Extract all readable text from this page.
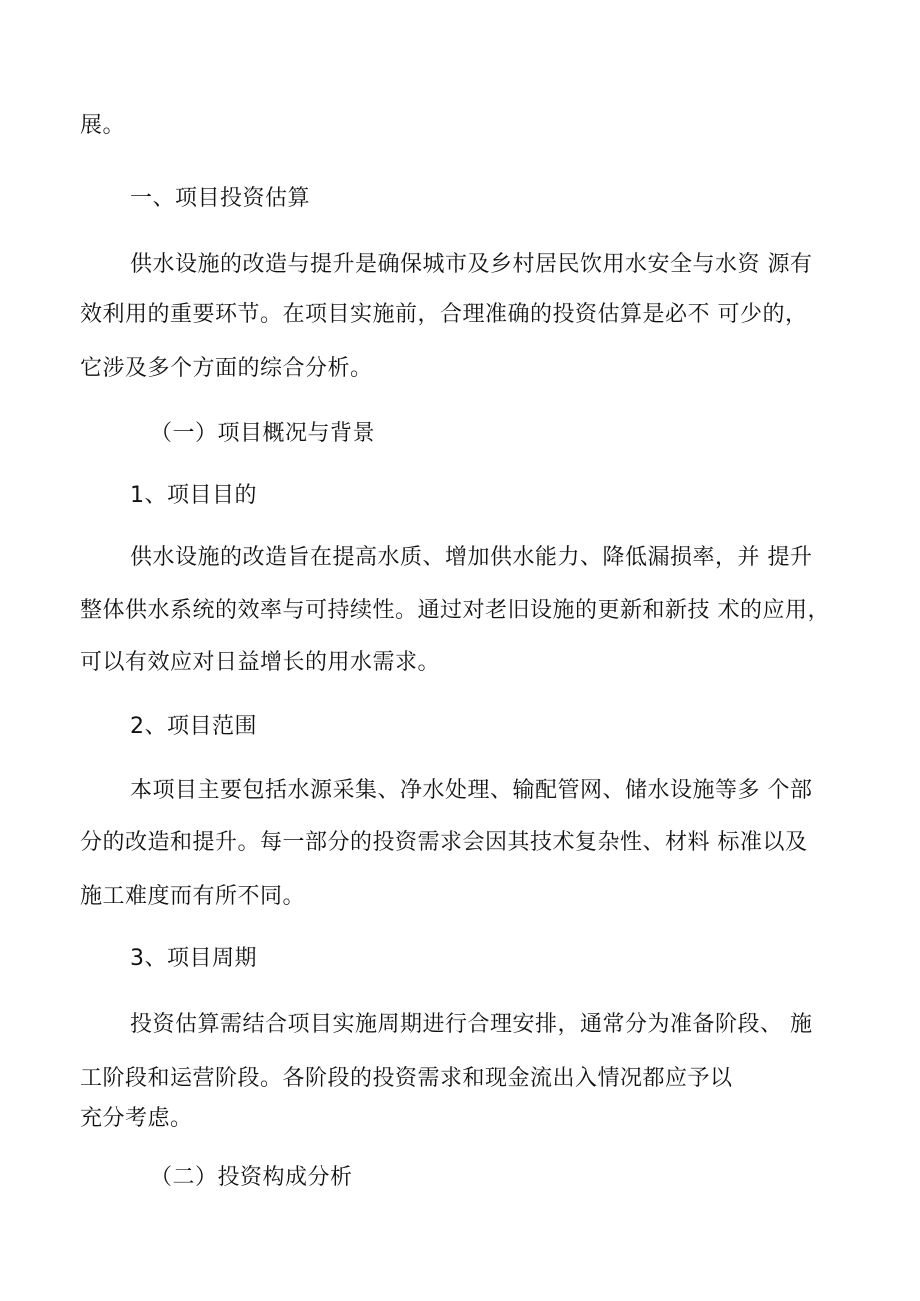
展。
一、项目投资估算
供水设施的改造与提升是确保城市及乡村居民饮用水安全与水资 源有
效利用的重要环节。在项目实施前，合理准确的投资估算是必不 可少的，
它涉及多个方面的综合分析。
（一）项目概况与背景
1、项目目的
供水设施的改造旨在提高水质、增加供水能力、降低漏损率，并 提升
整体供水系统的效率与可持续性。通过对老旧设施的更新和新技 术的应用，
可以有效应对日益增长的用水需求。
2、项目范围
本项目主要包括水源采集、净水处理、输配管网、储水设施等多 个部
分的改造和提升。每一部分的投资需求会因其技术复杂性、材料 标准以及
施工难度而有所不同。
3、项目周期
投资估算需结合项目实施周期进行合理安排，通常分为准备阶段、 施
工阶段和运营阶段。各阶段的投资需求和现金流出入情况都应予以
充分考虑。
（二）投资构成分析
